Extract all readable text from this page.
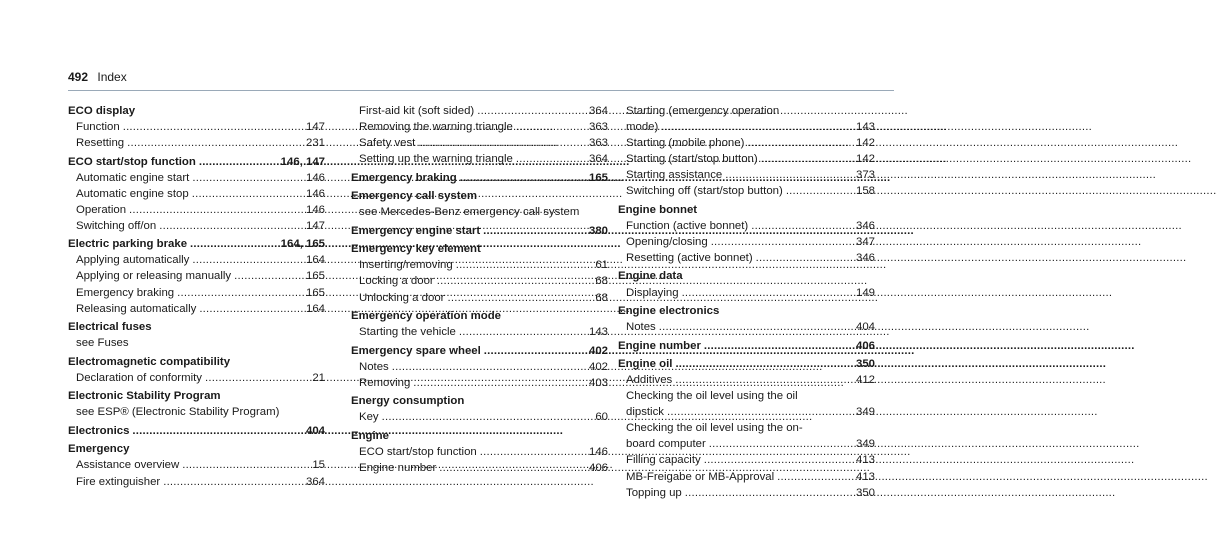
492 Index
ECO display
Function .....	147
Resetting .....	231
ECO start/stop function .....	146, 147
Automatic engine start .....	146
Automatic engine stop .....	146
Operation .....	146
Switching off/on .....	147
Electric parking brake .....	164, 165
Applying automatically .....	164
Applying or releasing manually .....	165
Emergency braking .....	165
Releasing automatically .....	164
Electrical fuses
see Fuses
Electromagnetic compatibility
Declaration of conformity .....	21
Electronic Stability Program
see ESP® (Electronic Stability Program)
Electronics .....	404
Emergency
Assistance overview .....	15
Fire extinguisher .....	364
First-aid kit (soft sided) .....	364
Removing the warning triangle .....	363
Safety vest .....	363
Setting up the warning triangle .....	364
Emergency braking .....	165
Emergency call system
see Mercedes-Benz emergency call system
Emergency engine start .....	380
Emergency key element
Inserting/removing .....	61
Locking a door .....	68
Unlocking a door .....	68
Emergency operation mode
Starting the vehicle .....	143
Emergency spare wheel .....	402
Notes .....	402
Removing .....	403
Energy consumption
Key .....	60
Engine
ECO start/stop function .....	146
Engine number .....	406
Starting (emergency operation
mode) .....	143
Starting (mobile phone) .....	142
Starting (start/stop button) .....	142
Starting assistance .....	373
Switching off (start/stop button) .....	158
Engine bonnet
Function (active bonnet) .....	346
Opening/closing .....	347
Resetting (active bonnet) .....	346
Engine data
Displaying .....	149
Engine electronics
Notes .....	404
Engine number .....	406
Engine oil .....	350
Additives .....	412
Checking the oil level using the oil
dipstick .....	349
Checking the oil level using the on-
board computer .....	349
Filling capacity .....	413
MB-Freigabe or MB-Approval .....	413
Topping up .....	350
